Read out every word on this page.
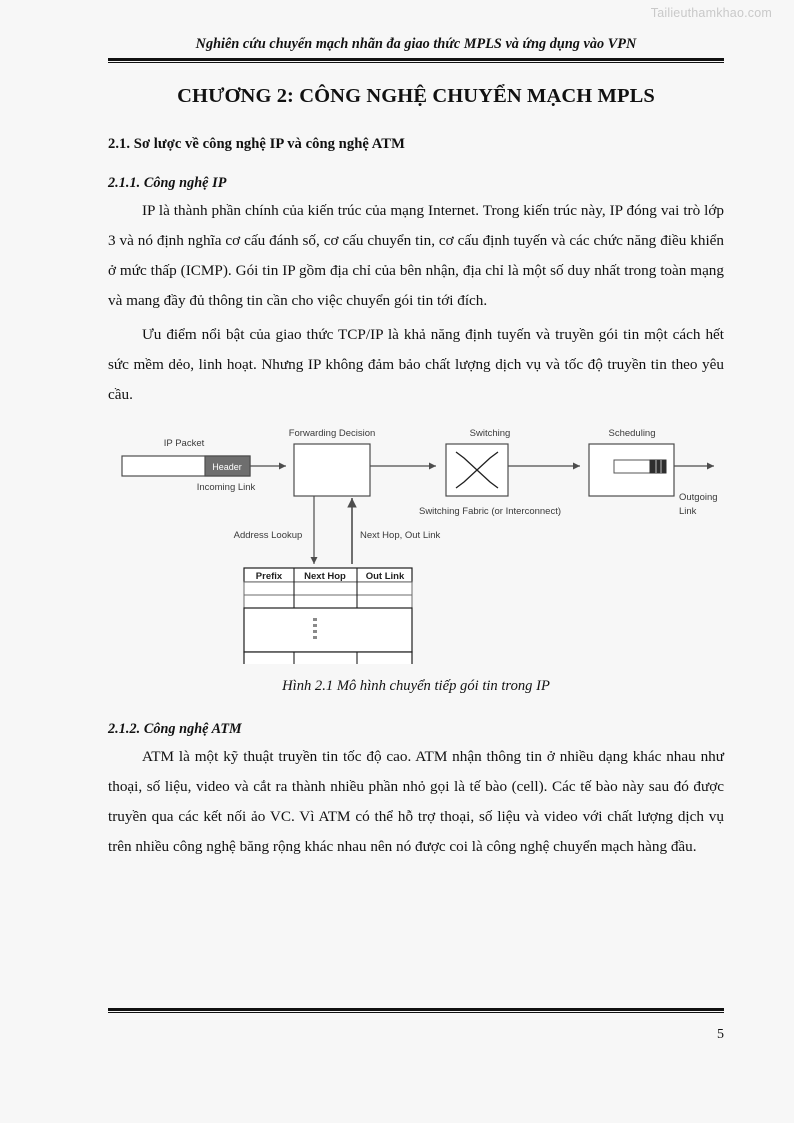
Tailieuthamkhao.com
Nghiên cứu chuyển mạch nhãn đa giao thức MPLS và ứng dụng vào VPN
CHƯƠNG 2: CÔNG NGHỆ CHUYỂN MẠCH MPLS
2.1. Sơ lược về công nghệ IP và công nghệ ATM
2.1.1. Công nghệ IP

IP là thành phần chính của kiến trúc của mạng Internet. Trong kiến trúc này, IP đóng vai trò lớp 3 và nó định nghĩa cơ cấu đánh số, cơ cấu chuyển tin, cơ cấu định tuyến và các chức năng điều khiển ở mức thấp (ICMP). Gói tin IP gồm địa chỉ của bên nhận, địa chỉ là một số duy nhất trong toàn mạng và mang đầy đủ thông tin cần cho việc chuyển gói tin tới đích.

Ưu điểm nổi bật của giao thức TCP/IP là khả năng định tuyến và truyền gói tin một cách hết sức mềm dẻo, linh hoạt. Nhưng IP không đảm bảo chất lượng dịch vụ và tốc độ truyền tin theo yêu cầu.

IP Packet
Forwarding Decision	Switching	Scheduling
Header
Incoming Link
Switching Fabric (or Interconnect)
Outgoing
Link
Address Lookup	Next Hop, Out Link
Prefix Next Hop Out Link
Hình 2.1 Mô hình chuyển tiếp gói tin trong IP
2.1.2. Công nghệ ATM

ATM là một kỹ thuật truyền tin tốc độ cao. ATM nhận thông tin ở nhiều dạng khác nhau như thoại, số liệu, video và cắt ra thành nhiều phần nhỏ gọi là tế bào (cell). Các tế bào này sau đó được truyền qua các kết nối ảo VC. Vì ATM có thể hỗ trợ thoại, số liệu và video với chất lượng dịch vụ trên nhiều công nghệ băng rộng khác nhau nên nó được coi là công nghệ chuyển mạch hàng đầu.

5
